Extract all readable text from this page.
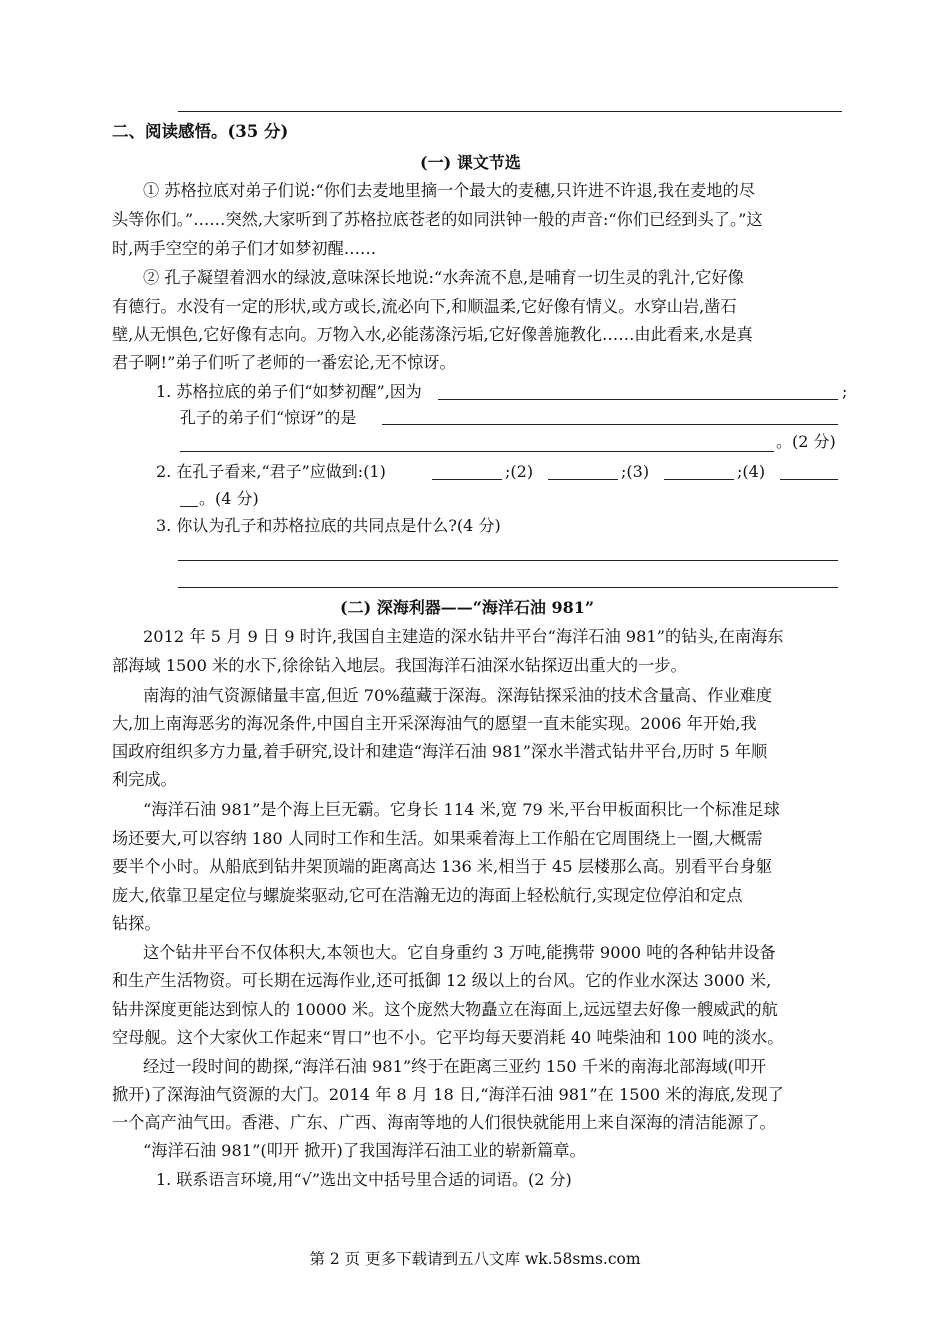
二、阅读感悟。(35 分)
(一) 课文节选
① 苏格拉底对弟子们说:“你们去麦地里摘一个最大的麦穗,只许进不许退,我在麦地的尽
头等你们。”……突然,大家听到了苏格拉底苍老的如同洪钟一般的声音:“你们已经到头了。”这
时,两手空空的弟子们才如梦初醒……
② 孔子凝望着泗水的绿波,意味深长地说:“水奔流不息,是哺育一切生灵的乳汁,它好像
有德行。水没有一定的形状,或方或长,流必向下,和顺温柔,它好像有情义。水穿山岩,凿石
壁,从无惧色,它好像有志向。万物入水,必能荡涤污垢,它好像善施教化……由此看来,水是真
君子啊!”弟子们听了老师的一番宏论,无不惊讶。
1. 苏格拉底的弟子们“如梦初醒”,因为	;
孔子的弟子们“惊讶”的是
。(2 分)
2. 在孔子看来,“君子”应做到:(1)	;(2)	;(3)	;(4)
。(4 分)
3. 你认为孔子和苏格拉底的共同点是什么?(4 分)
(二) 深海利器——“海洋石油 981”
2012 年 5 月 9 日 9 时许,我国自主建造的深水钻井平台“海洋石油 981”的钻头,在南海东
部海域 1500 米的水下,徐徐钻入地层。我国海洋石油深水钻探迈出重大的一步。
南海的油气资源储量丰富,但近 70%蕴藏于深海。深海钻探采油的技术含量高、作业难度
大,加上南海恶劣的海况条件,中国自主开采深海油气的愿望一直未能实现。2006 年开始,我
国政府组织多方力量,着手研究,设计和建造“海洋石油 981”深水半潜式钻井平台,历时 5 年顺
利完成。
“海洋石油 981”是个海上巨无霸。它身长 114 米,宽 79 米,平台甲板面积比一个标准足球
场还要大,可以容纳 180 人同时工作和生活。如果乘着海上工作船在它周围绕上一圈,大概需
要半个小时。从船底到钻井架顶端的距离高达 136 米,相当于 45 层楼那么高。别看平台身躯
庞大,依靠卫星定位与螺旋桨驱动,它可在浩瀚无边的海面上轻松航行,实现定位停泊和定点
钻探。
这个钻井平台不仅体积大,本领也大。它自身重约 3 万吨,能携带 9000 吨的各种钻井设备
和生产生活物资。可长期在远海作业,还可抵御 12 级以上的台风。它的作业水深达 3000 米,
钻井深度更能达到惊人的 10000 米。这个庞然大物矗立在海面上,远远望去好像一艘威武的航
空母舰。这个大家伙工作起来“胃口”也不小。它平均每天要消耗 40 吨柴油和 100 吨的淡水。
经过一段时间的勘探,“海洋石油 981”终于在距离三亚约 150 千米的南海北部海域(叩开
掀开)了深海油气资源的大门。2014 年 8 月 18 日,“海洋石油 981”在 1500 米的海底,发现了
一个高产油气田。香港、广东、广西、海南等地的人们很快就能用上来自深海的清洁能源了。
“海洋石油 981”(叩开 掀开)了我国海洋石油工业的崭新篇章。
1. 联系语言环境,用“√”选出文中括号里合适的词语。(2 分)
第 2 页 更多下载请到五八文库 wk.58sms.com
